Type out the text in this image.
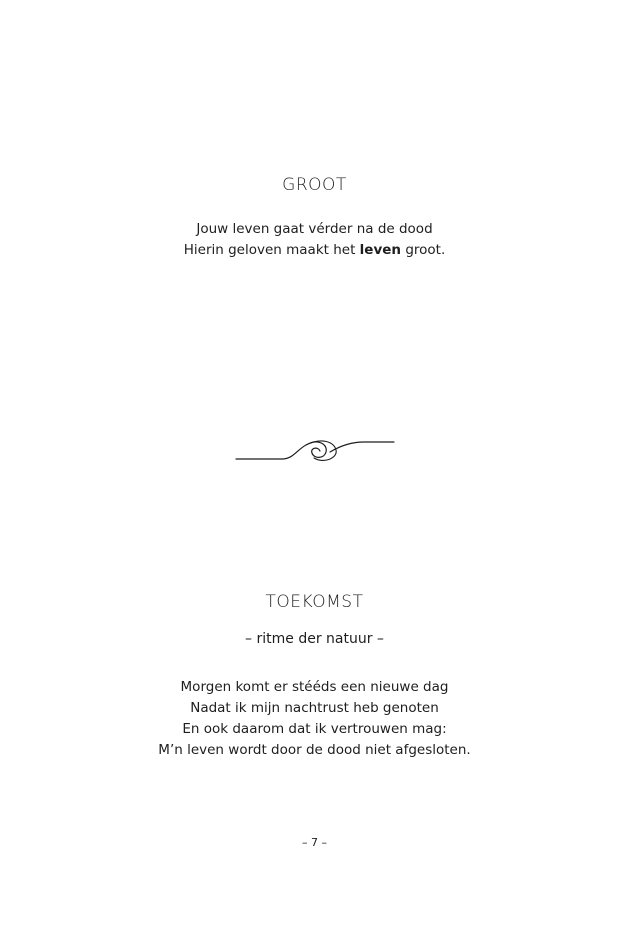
GROOT
Jouw leven gaat vérder na de dood
Hierin geloven maakt het leven groot.
TOEKOMST
– ritme der natuur –
Morgen komt er stééds een nieuwe dag
Nadat ik mijn nachtrust heb genoten
En ook daarom dat ik vertrouwen mag:
M’n leven wordt door de dood niet afgesloten.
– 7 –
